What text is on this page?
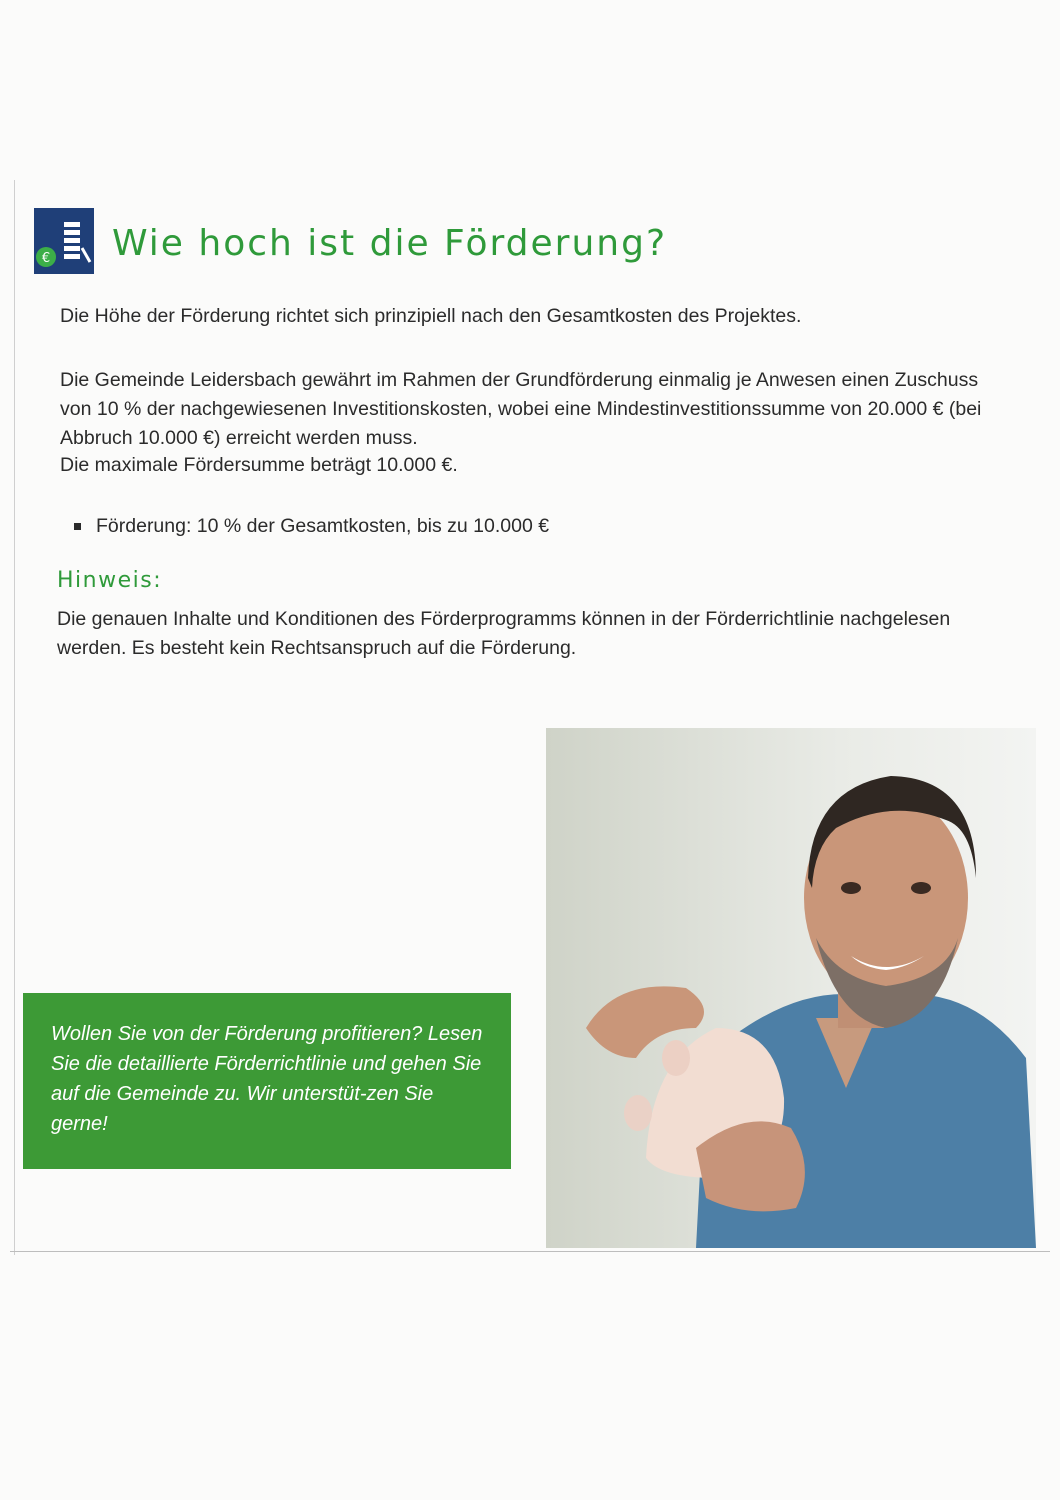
€ Wie hoch ist die Förderung?

Die Höhe der Förderung richtet sich prinzipiell nach den Gesamtkosten des Projektes.

Die Gemeinde Leidersbach gewährt im Rahmen der Grundförderung einmalig je Anwesen einen Zuschuss von 10 % der nachgewiesenen Investitionskosten, wobei eine Mindestinvestitionssumme von 20.000 € (bei Abbruch 10.000 €) erreicht werden muss.

Die maximale Fördersumme beträgt 10.000 €.

Förderung: 10 % der Gesamtkosten, bis zu 10.000 €
Hinweis:

Die genauen Inhalte und Konditionen des Förderprogramms können in der Förderrichtlinie nachgelesen werden. Es besteht kein Rechtsanspruch auf die Förderung.

Wollen Sie von der Förderung profitieren? Lesen Sie die detaillierte Förderrichtlinie und gehen Sie auf die Gemeinde zu. Wir unterstüt-zen Sie gerne!
